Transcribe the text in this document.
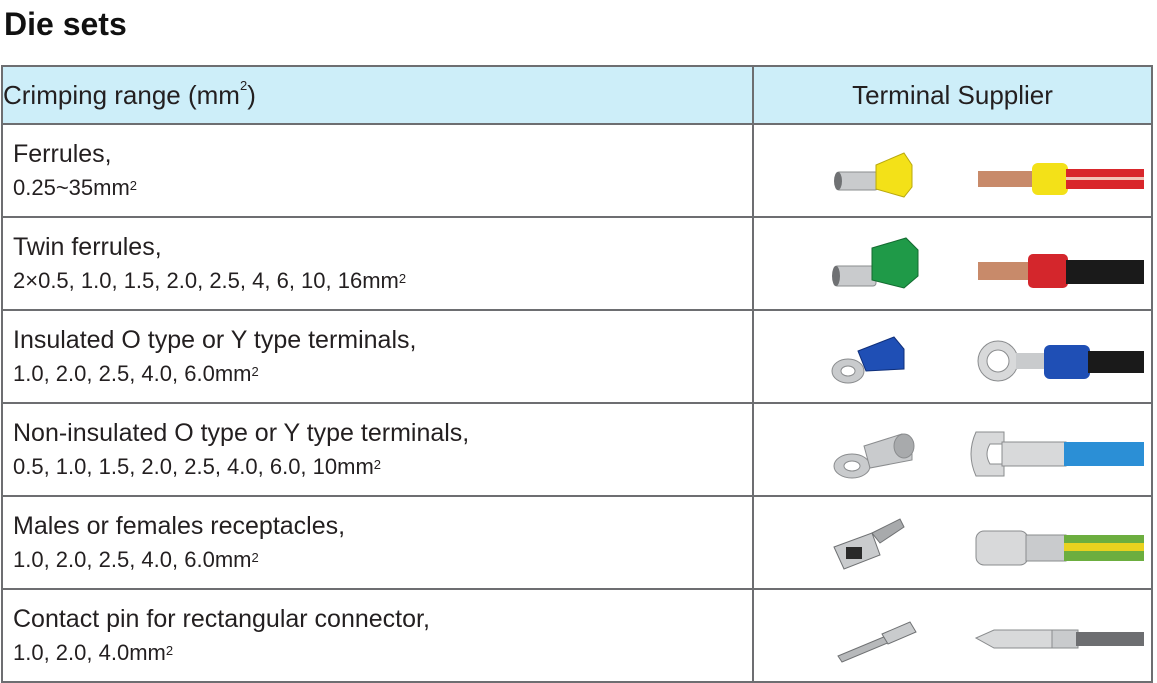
Die sets
Crimping range $(mm^2)$	Terminal Supplier

Ferrules,
$0.25\sim 35mm^2$

Twin ferrules,
2×0.5, 1.0, 1.5, 2.0, 2.5, 4, 6, 10, $16mm^2$

Insulated O type or Y type terminals,
1.0, 2.0, 2.5, 4.0, $6.0mm^2$

Non-insulated O type or Y type terminals,
0.5, 1.0, 1.5, 2.0, 2.5, 4.0, 6.0, $10mm^2$

Males or females receptacles,
1.0, 2.0, 2.5, 4.0, $6.0mm^2$

Contact pin for rectangular connector,
1.0, 2.0, $4.0mm^2$
